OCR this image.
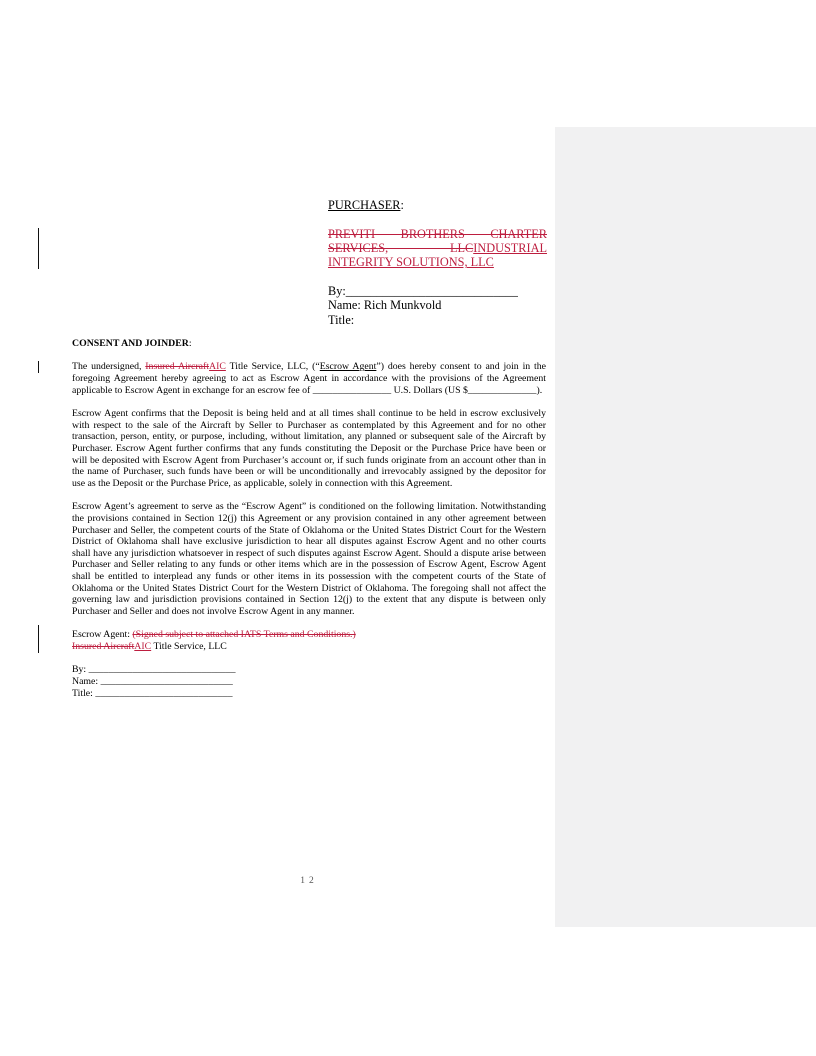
PURCHASER:
PREVITI BROTHERS CHARTER
SERVICES, LLCINDUSTRIAL
INTEGRITY SOLUTIONS, LLC
By:____________________________
Name: Rich Munkvold
Title:
CONSENT AND JOINDER:

The undersigned, Insured AircraftAIC Title Service, LLC, (“Escrow Agent”) does hereby consent to and join in the foregoing Agreement hereby agreeing to act as Escrow Agent in accordance with the provisions of the Agreement applicable to Escrow Agent in exchange for an escrow fee of ________________ U.S. Dollars (US $______________).

Escrow Agent confirms that the Deposit is being held and at all times shall continue to be held in escrow exclusively with respect to the sale of the Aircraft by Seller to Purchaser as contemplated by this Agreement and for no other transaction, person, entity, or purpose, including, without limitation, any planned or subsequent sale of the Aircraft by Purchaser. Escrow Agent further confirms that any funds constituting the Deposit or the Purchase Price have been or will be deposited with Escrow Agent from Purchaser’s account or, if such funds originate from an account other than in the name of Purchaser, such funds have been or will be unconditionally and irrevocably assigned by the depositor for use as the Deposit or the Purchase Price, as applicable, solely in connection with this Agreement.

Escrow Agent’s agreement to serve as the “Escrow Agent” is conditioned on the following limitation. Notwithstanding the provisions contained in Section 12(j) this Agreement or any provision contained in any other agreement between Purchaser and Seller, the competent courts of the State of Oklahoma or the United States District Court for the Western District of Oklahoma shall have exclusive jurisdiction to hear all disputes against Escrow Agent and no other courts shall have any jurisdiction whatsoever in respect of such disputes against Escrow Agent. Should a dispute arise between Purchaser and Seller relating to any funds or other items which are in the possession of Escrow Agent, Escrow Agent shall be entitled to interplead any funds or other items in its possession with the competent courts of the State of Oklahoma or the United States District Court for the Western District of Oklahoma. The foregoing shall not affect the governing law and jurisdiction provisions contained in Section 12(j) to the extent that any dispute is between only Purchaser and Seller and does not involve Escrow Agent in any manner.

Escrow Agent: (Signed subject to attached IATS Terms and Conditions.)
Insured AircraftAIC Title Service, LLC
By: ______________________________
Name: ___________________________
Title: ____________________________
12
